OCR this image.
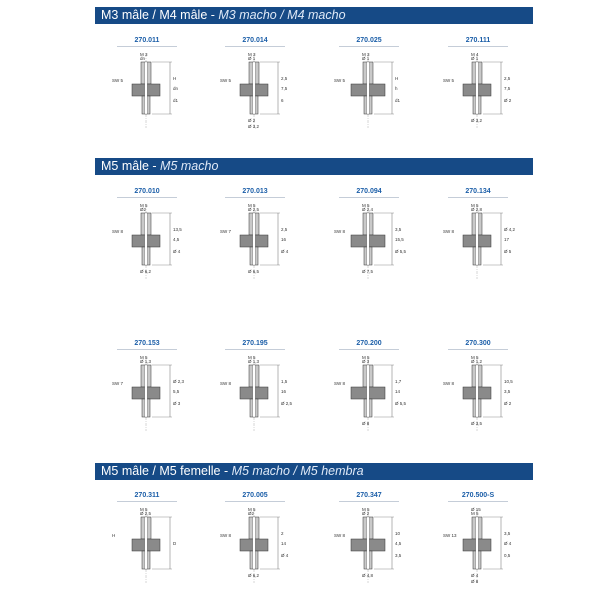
M3 mâle / M4 mâle - M3 macho / M4 macho
M5 mâle - M5 macho
M5 mâle / M5 femelle - M5 macho / M5 hembra
270.011	270.014	270.025	270.111
270.010	270.013	270.094	270.134
270.153	270.195	270.200	270.300
270.311	270.005	270.347	270.500-S
M 3
dn
SW 5
dn
H
d1
M 3
Ø 1
SW 5
7,5
2,5
6
Ø 2
Ø 3,2
M 3
Ø 1
SW 5
h
H
d1
M 4
Ø 1
SW 5
7,5
2,5
Ø 2
Ø 3,2
M 5
Ø2
SW 8
4,5
13,5
Ø 4
Ø 6,2
M 5
Ø 2,5
SW 7
16
2,5
Ø 4
Ø 6,5
M 5
Ø 2,4
SW 8
15,5
3,5
Ø 5,5
Ø 7,5
M 5
Ø 2,8
SW 8
17
Ø 4,2
Ø 5
M 5
Ø 1,3
SW 7
5,5
Ø 2,3
Ø 3
M 5
Ø 1,3
SW 8
16
1,5
Ø 2,5
M 5
Ø 3
SW 8
14
1,7
Ø 5,5
Ø 8
M 5
Ø 1,2
SW 8
3,5
10,5
Ø 2
Ø 3,5
M 5
Ø 2,5
H
D
M 5
Ø2
SW 8
14
2
Ø 4
Ø 6,2
M 5
Ø 2
SW 8
4,5
10
3,5
Ø 4,8
Ø 15
M 5
SW 13
Ø 4
3,5
0,5
Ø 4
Ø 8
